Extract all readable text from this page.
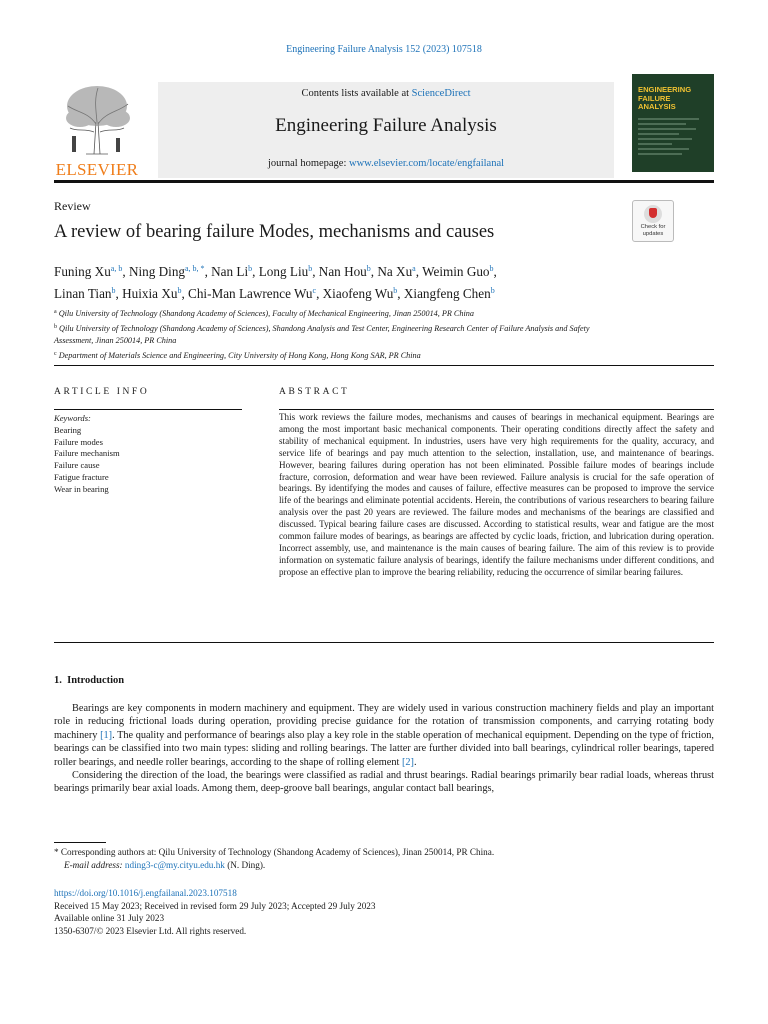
Engineering Failure Analysis 152 (2023) 107518
ELSEVIER
Contents lists available at ScienceDirect
Engineering Failure Analysis
journal homepage: www.elsevier.com/locate/engfailanal
ENGINEERING
FAILURE
ANALYSIS
Review
Check for
updates
A review of bearing failure Modes, mechanisms and causes
Funing Xu$^{a, b}$, Ning Ding$^{a, b, *}$, Nan Li$^b$, Long Liu$^b$, Nan Hou$^b$, Na Xu$^a$, Weimin Guo$^b$,
Linan Tian$^b$, Huixia Xu$^b$, Chi-Man Lawrence Wu$^c$, Xiaofeng Wu$^b$, Xiangfeng Chen$^b$

$^a$ Qilu University of Technology (Shandong Academy of Sciences), Faculty of Mechanical Engineering, Jinan 250014, PR China

$^b$ Qilu University of Technology (Shandong Academy of Sciences), Shandong Analysis and Test Center, Engineering Research Center of Failure Analysis and Safety Assessment, Jinan 250014, PR China

$^c$ Department of Materials Science and Engineering, City University of Hong Kong, Hong Kong SAR, PR China

ARTICLE INFO	ABSTRACT
Keywords:
Bearing
Failure modes
Failure mechanism
Failure cause
Fatigue fracture
Wear in bearing
This work reviews the failure modes, mechanisms and causes of bearings in mechanical equipment. Bearings are among the most important basic mechanical components. Their operating conditions directly affect the safety and stability of mechanical equipment. In industries, users have very high requirements for the quality, accuracy, and service life of bearings and pay much attention to the selection, installation, use, and maintenance of bearings. However, bearing failures during operation has not been eliminated. Possible failure modes of bearings include fracture, corrosion, deformation and wear have been reviewed. Failure analysis is crucial for the safe operation of bearings. By identifying the modes and causes of failure, effective measures can be proposed to improve the service life of the bearings and eliminate potential accidents. Herein, the contributions of various researchers to bearing failure analysis over the past 20 years are reviewed. The failure modes and mechanisms of the bearings are classified and discussed. Typical bearing failure cases are discussed. According to statistical results, wear and fatigue are the most common failure modes of bearings, as bearings are affected by cyclic loads, friction, and lubrication during operation. Incorrect assembly, use, and maintenance is the main causes of bearing failure. The aim of this review is to provide information on systematic failure analysis of bearings, identify the failure mechanisms under different conditions, and propose an effective plan to improve the bearing reliability, reducing the occurrence of similar bearing failures.
1. Introduction

Bearings are key components in modern machinery and equipment. They are widely used in various construction machinery fields and play an important role in reducing frictional loads during operation, providing precise guidance for the rotation of transmission components, and carrying rotating body machinery [1]. The quality and performance of bearings also play a key role in the stable operation of mechanical equipment. Depending on the type of friction, bearings can be classified into two main types: sliding and rolling bearings. The latter are further divided into ball bearings, cylindrical roller bearings, tapered roller bearings, and needle roller bearings, according to the shape of rolling element [2].

Considering the direction of the load, the bearings were classified as radial and thrust bearings. Radial bearings primarily bear radial loads, whereas thrust bearings primarily bear axial loads. Among them, deep-groove ball bearings, angular contact ball bearings,

* Corresponding authors at: Qilu University of Technology (Shandong Academy of Sciences), Jinan 250014, PR China.
E-mail address: nding3-c@my.cityu.edu.hk (N. Ding).
https://doi.org/10.1016/j.engfailanal.2023.107518
Received 15 May 2023; Received in revised form 29 July 2023; Accepted 29 July 2023
Available online 31 July 2023
1350-6307/© 2023 Elsevier Ltd. All rights reserved.
